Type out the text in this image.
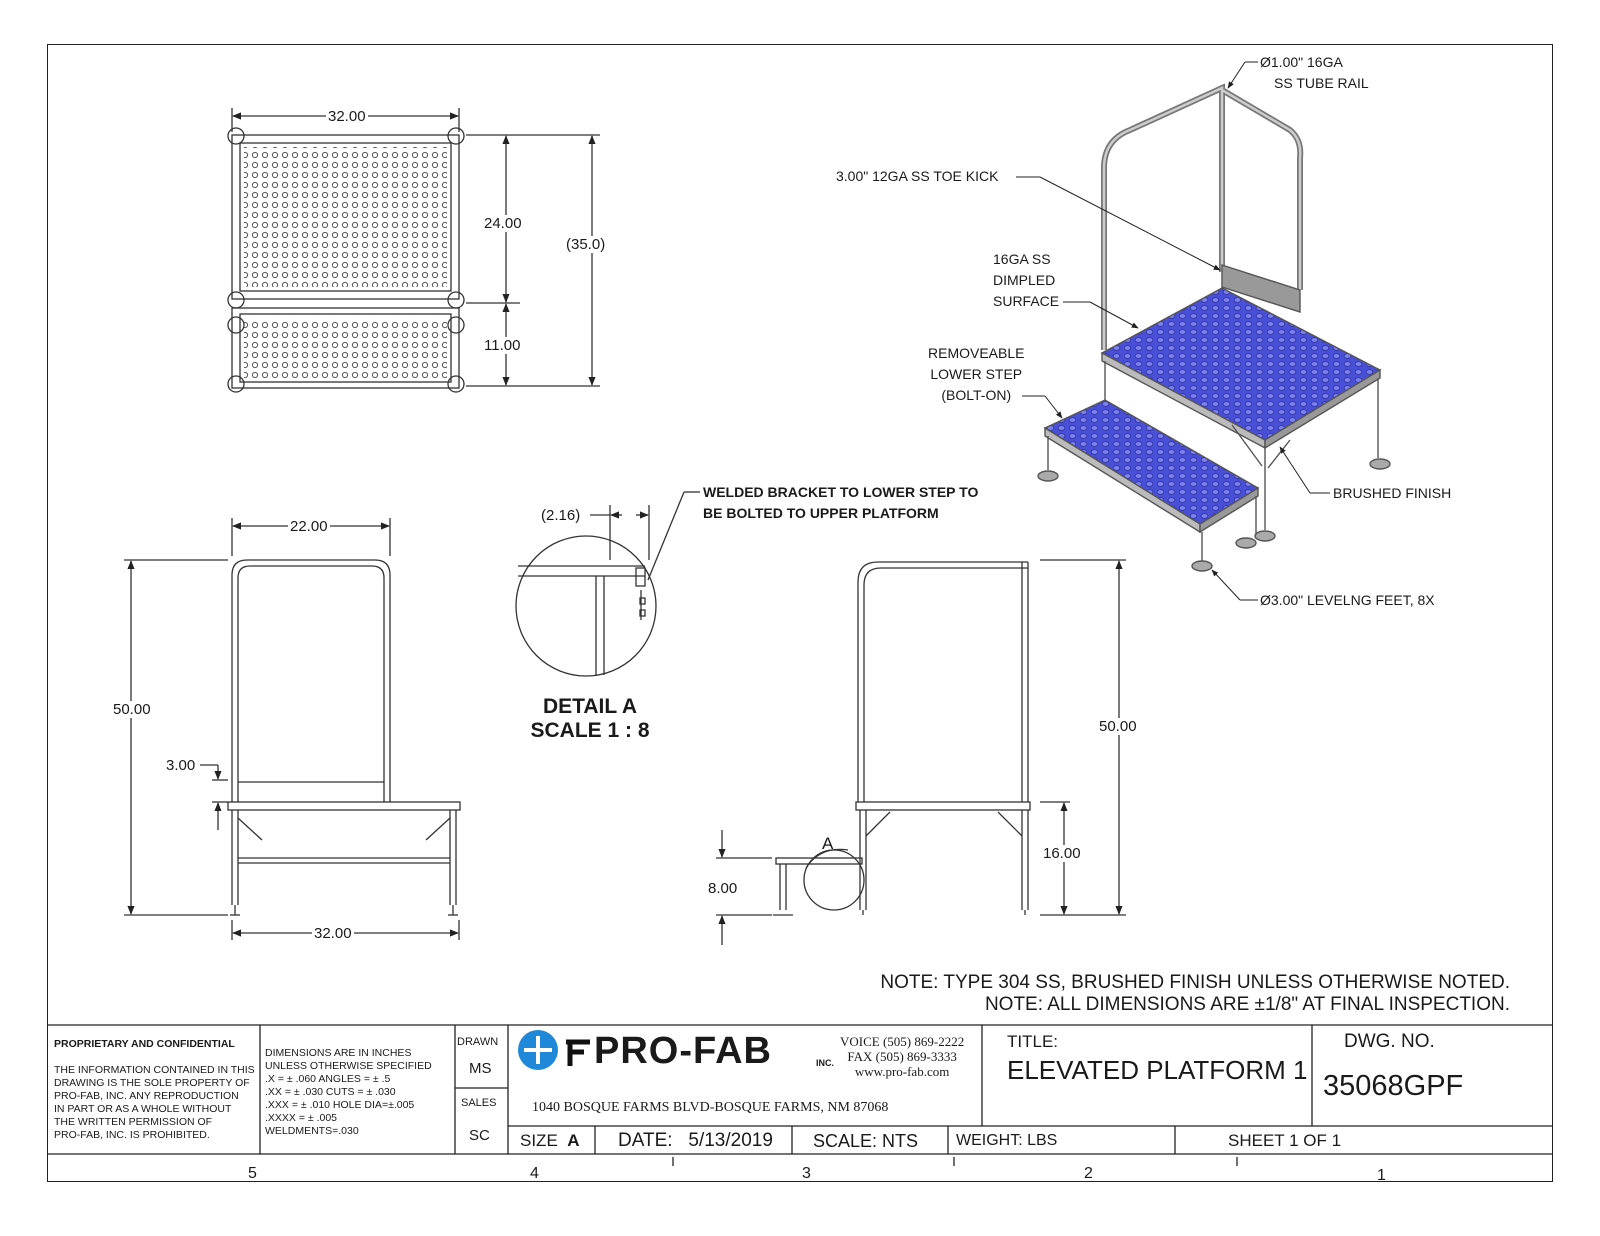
32.00
24.00
(35.0)
11.00
22.00
50.00
3.00
32.00
(2.16)
WELDED BRACKET TO LOWER STEP TO
BE BOLTED TO UPPER PLATFORM
DETAIL A
SCALE 1 : 8	50.00
16.00
8.00
A
Ø1.00" 16GA
SS TUBE RAIL
3.00" 12GA SS TOE KICK
16GA SS
DIMPLED
SURFACE
REMOVEABLE
LOWER STEP
(BOLT-ON)
BRUSHED FINISH
Ø3.00" LEVELNG FEET, 8X
NOTE: TYPE 304 SS, BRUSHED FINISH UNLESS OTHERWISE NOTED.
NOTE: ALL DIMENSIONS ARE ±1/8" AT FINAL INSPECTION.
PROPRIETARY AND CONFIDENTIAL
THE INFORMATION CONTAINED IN THIS
DRAWING IS THE SOLE PROPERTY OF
PRO-FAB, INC. ANY REPRODUCTION
IN PART OR AS A WHOLE WITHOUT
THE WRITTEN PERMISSION OF
PRO-FAB, INC. IS PROHIBITED.
DIMENSIONS ARE IN INCHES
UNLESS OTHERWISE SPECIFIED
.X = ± .060 ANGLES = ± .5
.XX = ± .030 CUTS = ± .030
.XXX = ± .010 HOLE DIA=±.005
.XXXX = ± .005
WELDMENTS=.030
DRAWN
MS
SALES
SC
PRO-FAB	INC.
VOICE (505) 869-2222
FAX (505) 869-3333
www.pro-fab.com
1040 BOSQUE FARMS BLVD-BOSQUE FARMS, NM 87068
TITLE:
ELEVATED PLATFORM 1
DWG. NO.
35068GPF
SIZE A DATE: 5/13/2019 SCALE: NTS WEIGHT: LBS	SHEET 1 OF 1
5	4	3	2	1
